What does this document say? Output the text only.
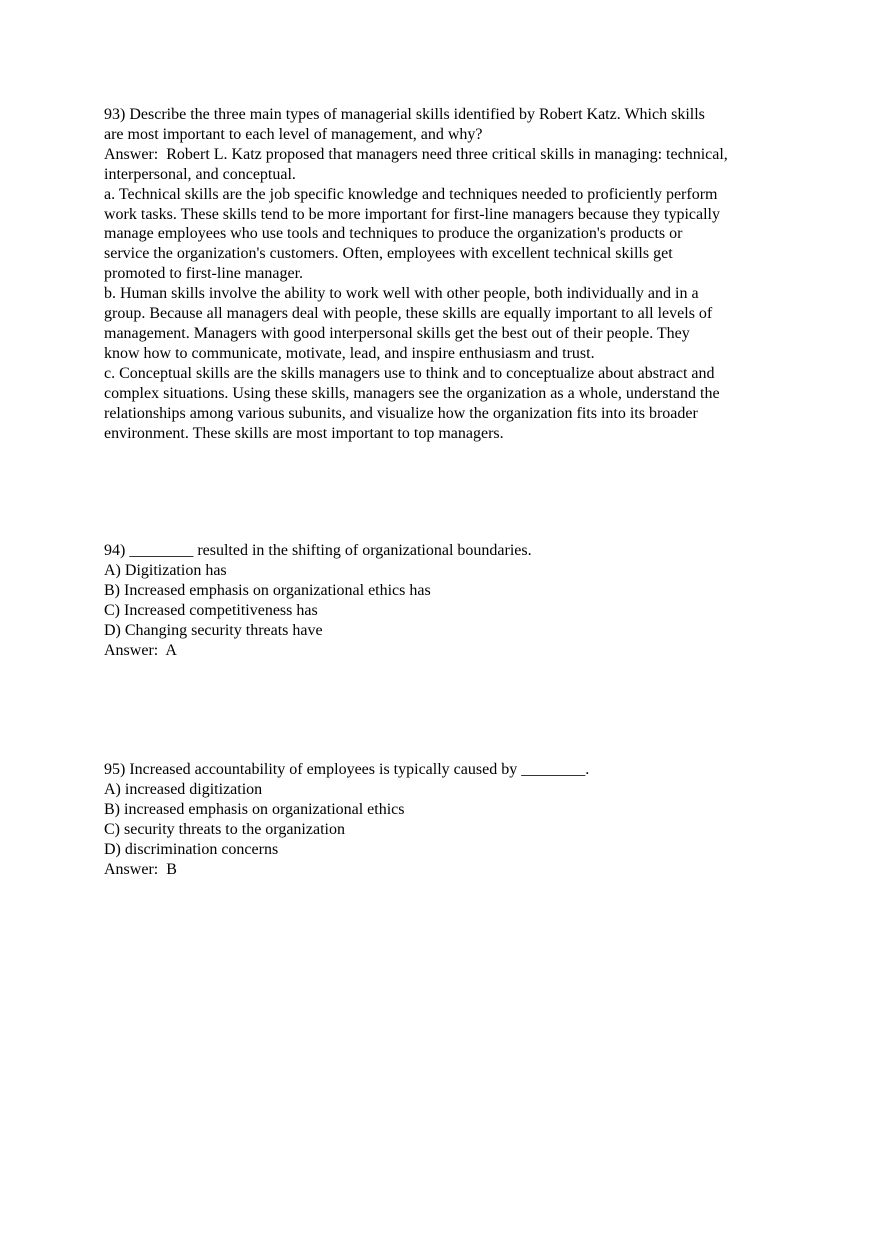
93) Describe the three main types of managerial skills identified by Robert Katz. Which skills
are most important to each level of management, and why?
Answer:  Robert L. Katz proposed that managers need three critical skills in managing: technical,
interpersonal, and conceptual.
a. Technical skills are the job specific knowledge and techniques needed to proficiently perform
work tasks. These skills tend to be more important for first-line managers because they typically
manage employees who use tools and techniques to produce the organization's products or
service the organization's customers. Often, employees with excellent technical skills get
promoted to first-line manager.
b. Human skills involve the ability to work well with other people, both individually and in a
group. Because all managers deal with people, these skills are equally important to all levels of
management. Managers with good interpersonal skills get the best out of their people. They
know how to communicate, motivate, lead, and inspire enthusiasm and trust.
c. Conceptual skills are the skills managers use to think and to conceptualize about abstract and
complex situations. Using these skills, managers see the organization as a whole, understand the
relationships among various subunits, and visualize how the organization fits into its broader
environment. These skills are most important to top managers.
94) ________ resulted in the shifting of organizational boundaries.
A) Digitization has
B) Increased emphasis on organizational ethics has
C) Increased competitiveness has
D) Changing security threats have
Answer:  A
95) Increased accountability of employees is typically caused by ________.
A) increased digitization
B) increased emphasis on organizational ethics
C) security threats to the organization
D) discrimination concerns
Answer:  B
